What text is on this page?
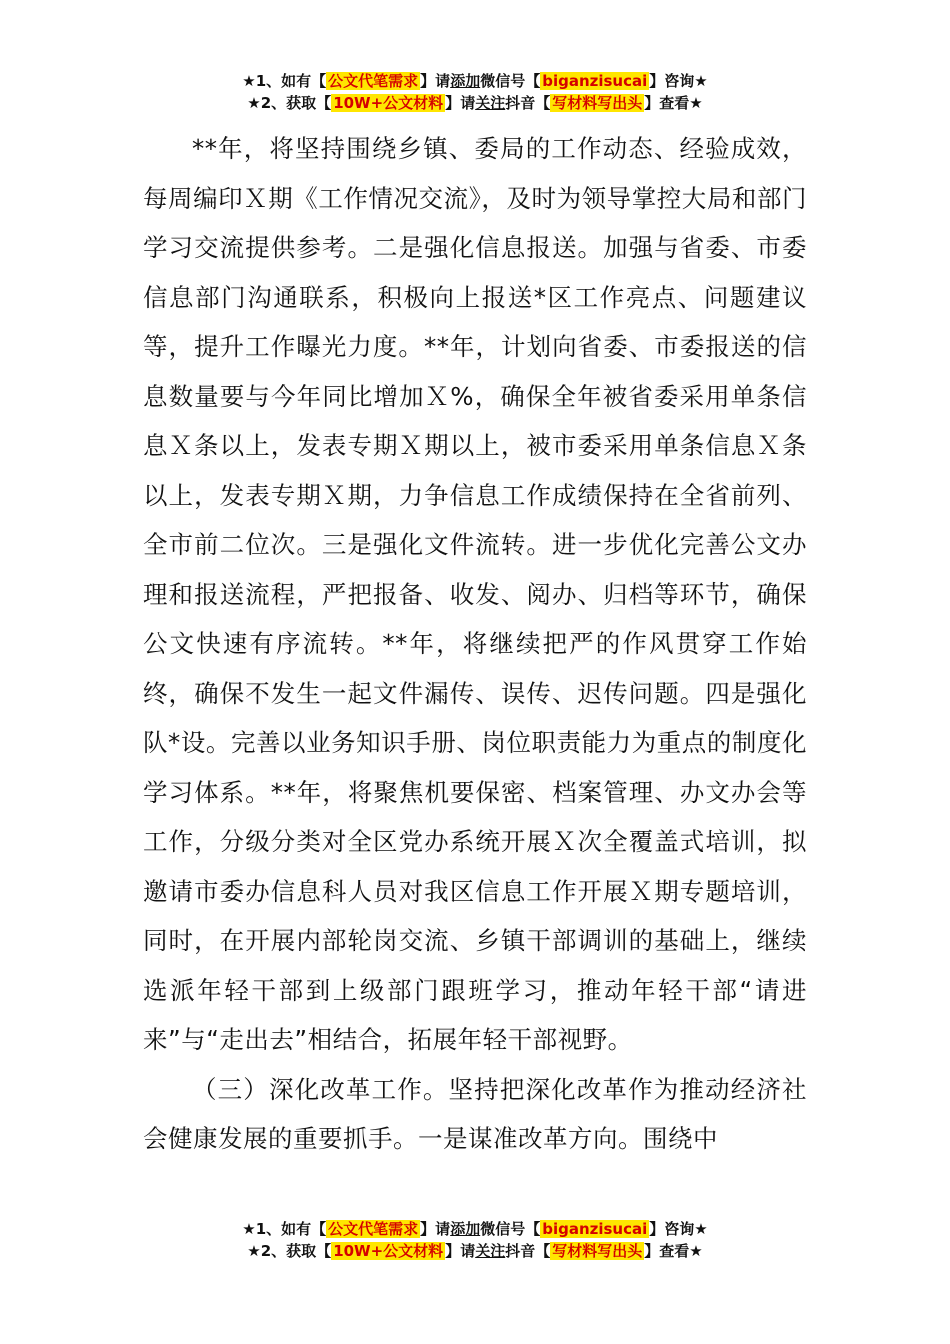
★1、如有【 公文代笔需求 】请添加微信号【 biganzisucai 】咨询★
★2、获取【 10W+公文材料 】请关注抖音【 写材料写出头 】查看★

**年，将坚持围绕乡镇、委局的工作动态、经验成效，每周编印Ｘ期《工作情况交流》，及时为领导掌控大局和部门学习交流提供参考。二是强化信息报送。加强与省委、市委信息部门沟通联系，积极向上报送*区工作亮点、问题建议等，提升工作曝光力度。**年，计划向省委、市委报送的信息数量要与今年同比增加Ｘ%，确保全年被省委采用单条信息Ｘ条以上，发表专期Ｘ期以上，被市委采用单条信息Ｘ条以上，发表专期Ｘ期，力争信息工作成绩保持在全省前列、全市前二位次。三是强化文件流转。进一步优化完善公文办理和报送流程，严把报备、收发、阅办、归档等环节，确保公文快速有序流转。**年，将继续把严的作风贯穿工作始终，确保不发生一起文件漏传、误传、迟传问题。四是强化队*设。完善以业务知识手册、岗位职责能力为重点的制度化学习体系。**年，将聚焦机要保密、档案管理、办文办会等工作，分级分类对全区党办系统开展Ｘ次全覆盖式培训，拟邀请市委办信息科人员对我区信息工作开展Ｘ期专题培训，同时，在开展内部轮岗交流、乡镇干部调训的基础上，继续选派年轻干部到上级部门跟班学习，推动年轻干部“请进来”与“走出去”相结合，拓展年轻干部视野。

（三）深化改革工作。坚持把深化改革作为推动经济社会健康发展的重要抓手。一是谋准改革方向。围绕中

★1、如有【 公文代笔需求 】请添加微信号【 biganzisucai 】咨询★
★2、获取【 10W+公文材料 】请关注抖音【 写材料写出头 】查看★
